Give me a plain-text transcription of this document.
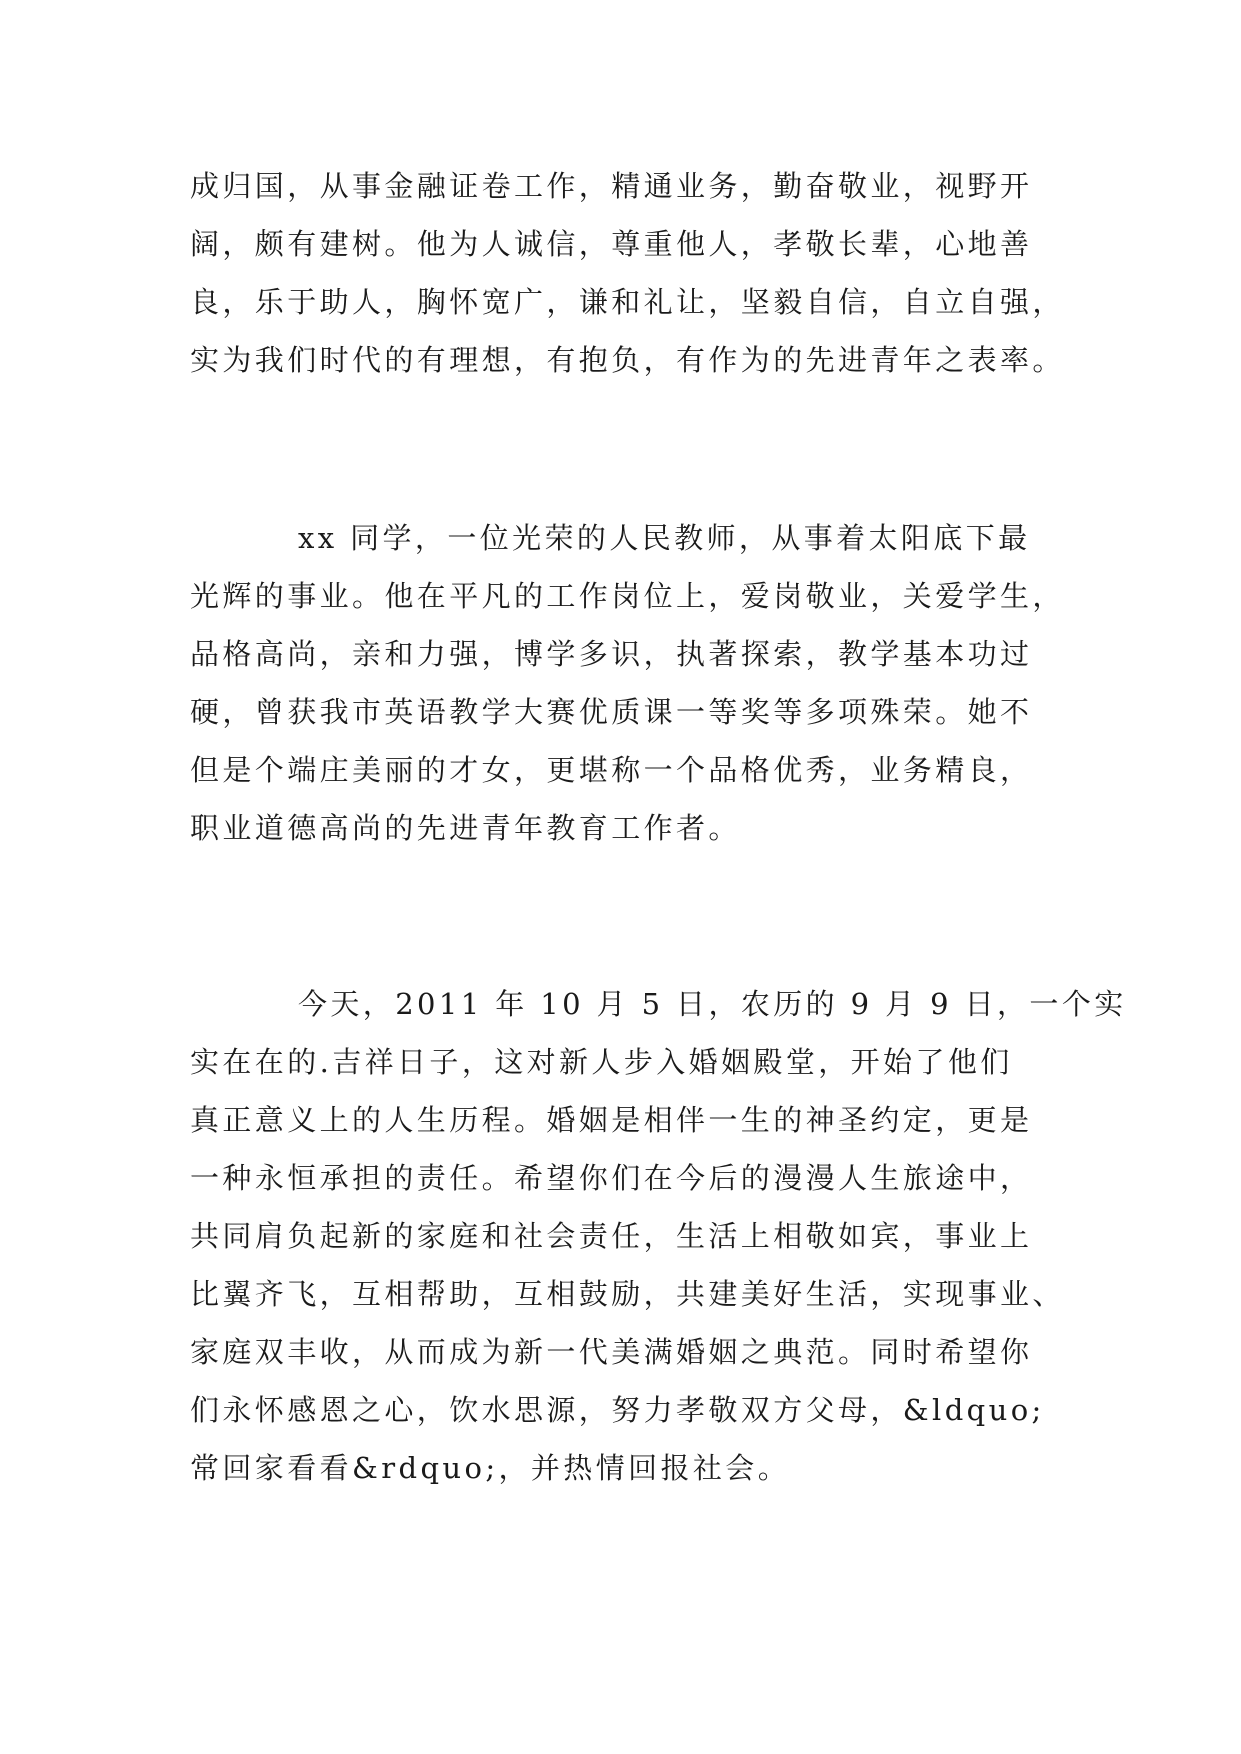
成归国，从事金融证卷工作，精通业务，勤奋敬业，视野开
阔，颇有建树。他为人诚信，尊重他人，孝敬长辈，心地善
良，乐于助人，胸怀宽广，谦和礼让，坚毅自信，自立自强，
实为我们时代的有理想，有抱负，有作为的先进青年之表率。
xx 同学，一位光荣的人民教师，从事着太阳底下最
光辉的事业。他在平凡的工作岗位上，爱岗敬业，关爱学生，
品格高尚，亲和力强，博学多识，执著探索，教学基本功过
硬，曾获我市英语教学大赛优质课一等奖等多项殊荣。她不
但是个端庄美丽的才女，更堪称一个品格优秀，业务精良，
职业道德高尚的先进青年教育工作者。
今天，2011 年 10 月 5 日，农历的 9 月 9 日，一个实
实在在的.吉祥日子，这对新人步入婚姻殿堂，开始了他们
真正意义上的人生历程。婚姻是相伴一生的神圣约定，更是
一种永恒承担的责任。希望你们在今后的漫漫人生旅途中，
共同肩负起新的家庭和社会责任，生活上相敬如宾，事业上
比翼齐飞，互相帮助，互相鼓励，共建美好生活，实现事业、
家庭双丰收，从而成为新一代美满婚姻之典范。同时希望你
们永怀感恩之心，饮水思源，努力孝敬双方父母，&ldquo;
常回家看看&rdquo;，并热情回报社会。
